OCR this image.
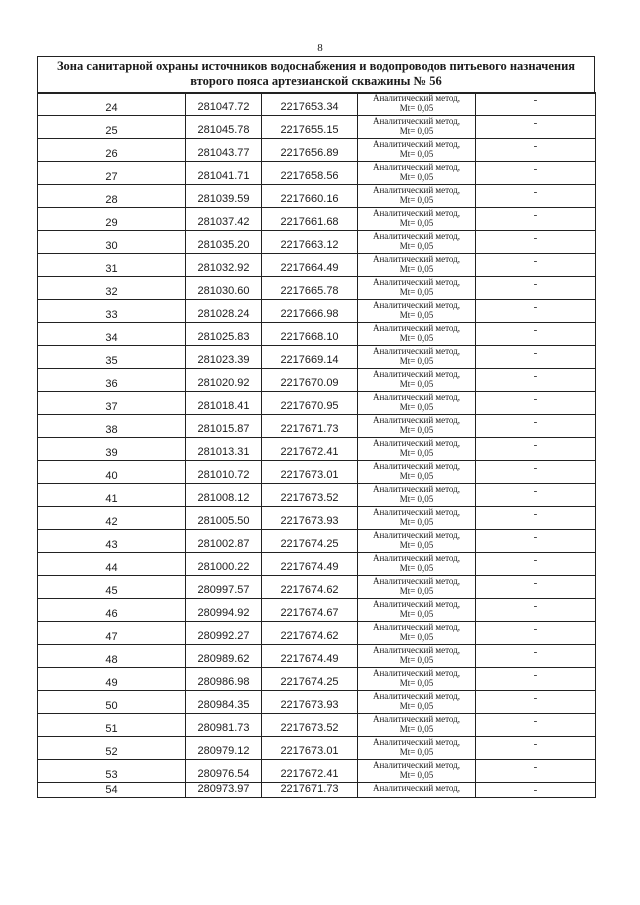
8
Зона санитарной охраны источников водоснабжения и водопроводов питьевого назначения
второго пояса артезианской скважины № 56
24	281047.72	2217653.34	Аналитический метод,
Mt= 0,05	-

25	281045.78	2217655.15	Аналитический метод,
Mt= 0,05	-

26	281043.77	2217656.89	Аналитический метод,
Mt= 0,05	-

27	281041.71	2217658.56	Аналитический метод,
Mt= 0,05	-

28	281039.59	2217660.16	Аналитический метод,
Mt= 0,05	-

29	281037.42	2217661.68	Аналитический метод,
Mt= 0,05	-

30	281035.20	2217663.12	Аналитический метод,
Mt= 0,05	-

31	281032.92	2217664.49	Аналитический метод,
Mt= 0,05	-

32	281030.60	2217665.78	Аналитический метод,
Mt= 0,05	-

33	281028.24	2217666.98	Аналитический метод,
Mt= 0,05	-

34	281025.83	2217668.10	Аналитический метод,
Mt= 0,05	-

35	281023.39	2217669.14	Аналитический метод,
Mt= 0,05	-

36	281020.92	2217670.09	Аналитический метод,
Mt= 0,05	-

37	281018.41	2217670.95	Аналитический метод,
Mt= 0,05	-

38	281015.87	2217671.73	Аналитический метод,
Mt= 0,05	-

39	281013.31	2217672.41	Аналитический метод,
Mt= 0,05	-

40	281010.72	2217673.01	Аналитический метод,
Mt= 0,05	-

41	281008.12	2217673.52	Аналитический метод,
Mt= 0,05	-

42	281005.50	2217673.93	Аналитический метод,
Mt= 0,05	-

43	281002.87	2217674.25	Аналитический метод,
Mt= 0,05	-

44	281000.22	2217674.49	Аналитический метод,
Mt= 0,05	-

45	280997.57	2217674.62	Аналитический метод,
Mt= 0,05	-

46	280994.92	2217674.67	Аналитический метод,
Mt= 0,05	-

47	280992.27	2217674.62	Аналитический метод,
Mt= 0,05	-

48	280989.62	2217674.49	Аналитический метод,
Mt= 0,05	-

49	280986.98	2217674.25	Аналитический метод,
Mt= 0,05	-

50	280984.35	2217673.93	Аналитический метод,
Mt= 0,05	-

51	280981.73	2217673.52	Аналитический метод,
Mt= 0,05	-

52	280979.12	2217673.01	Аналитический метод,
Mt= 0,05	-

53	280976.54	2217672.41	Аналитический метод,
Mt= 0,05	-

54	280973.97	2217671.73	Аналитический метод,	-
